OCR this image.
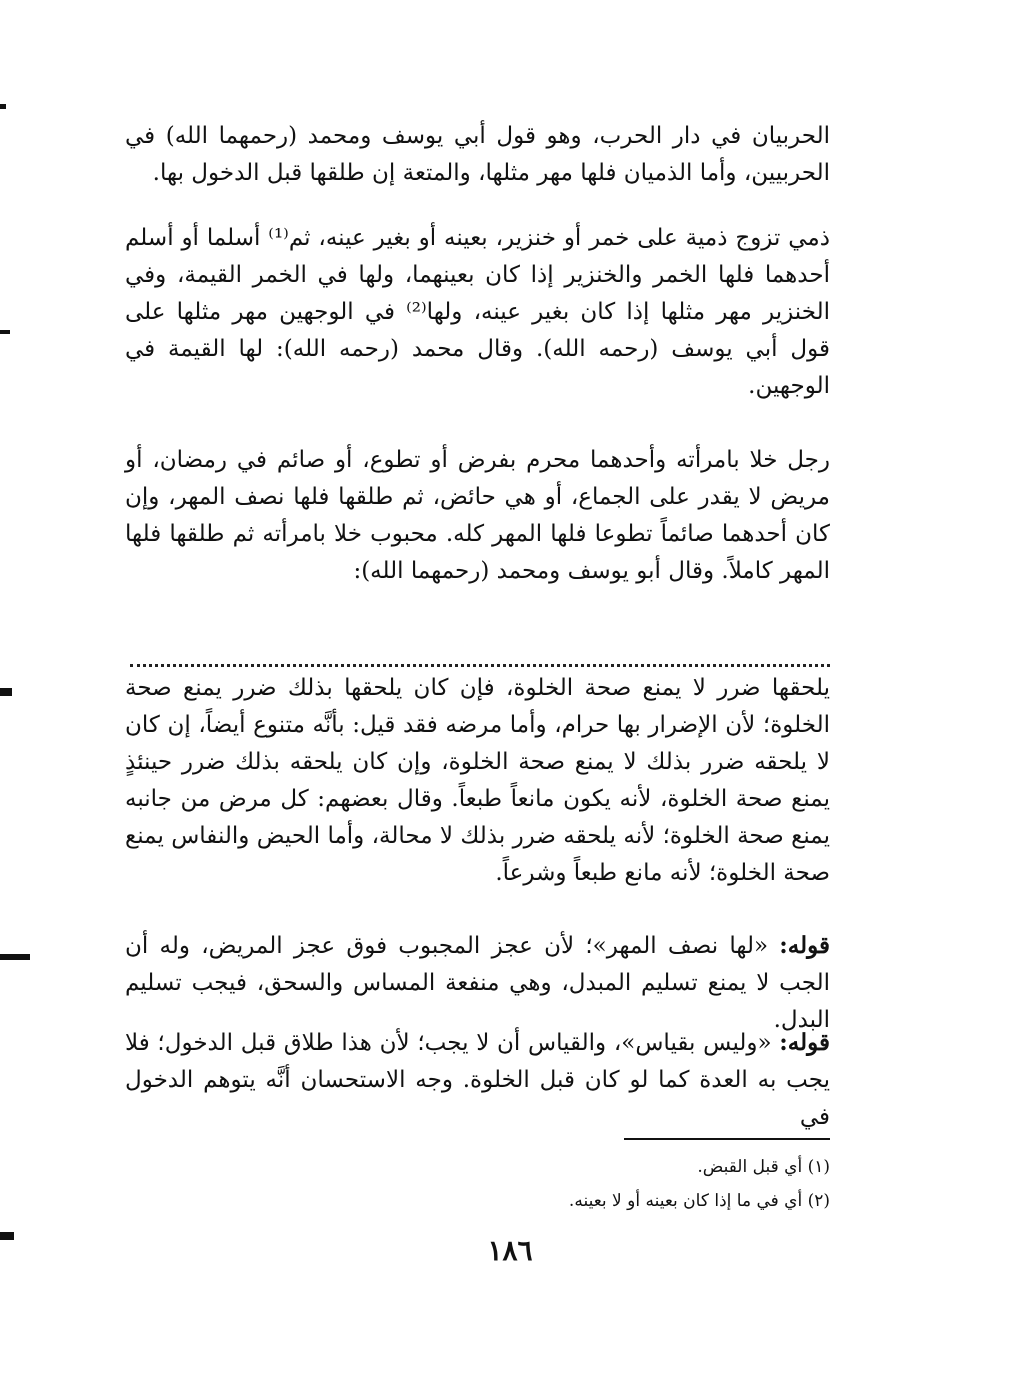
الحربيان في دار الحرب، وهو قول أبي يوسف ومحمد (رحمهما الله) في الحربيين، وأما الذميان فلها مهر مثلها، والمتعة إن طلقها قبل الدخول بها.
ذمي تزوج ذمية على خمر أو خنزير، بعينه أو بغير عينه، ثم⁽¹⁾ أسلما أو أسلم أحدهما فلها الخمر والخنزير إذا كان بعينهما، ولها في الخمر القيمة، وفي الخنزير مهر مثلها إذا كان بغير عينه، ولها⁽²⁾ في الوجهين مهر مثلها على قول أبي يوسف (رحمه الله). وقال محمد (رحمه الله): لها القيمة في الوجهين.
رجل خلا بامرأته وأحدهما محرم بفرض أو تطوع، أو صائم في رمضان، أو مريض لا يقدر على الجماع، أو هي حائض، ثم طلقها فلها نصف المهر، وإن كان أحدهما صائماً تطوعا فلها المهر كله. محبوب خلا بامرأته ثم طلقها فلها المهر كاملاً. وقال أبو يوسف ومحمد (رحمهما الله):
يلحقها ضرر لا يمنع صحة الخلوة، فإن كان يلحقها بذلك ضرر يمنع صحة الخلوة؛ لأن الإضرار بها حرام، وأما مرضه فقد قيل: بأنَّه متنوع أيضاً، إن كان لا يلحقه ضرر بذلك لا يمنع صحة الخلوة، وإن كان يلحقه بذلك ضرر حينئذٍ يمنع صحة الخلوة، لأنه يكون مانعاً طبعاً. وقال بعضهم: كل مرض من جانبه يمنع صحة الخلوة؛ لأنه يلحقه ضرر بذلك لا محالة، وأما الحيض والنفاس يمنع صحة الخلوة؛ لأنه مانع طبعاً وشرعاً.
قوله: «لها نصف المهر»؛ لأن عجز المجبوب فوق عجز المريض، وله أن الجب لا يمنع تسليم المبدل، وهي منفعة المساس والسحق، فيجب تسليم البدل.
قوله: «وليس بقياس»، والقياس أن لا يجب؛ لأن هذا طلاق قبل الدخول؛ فلا يجب به العدة كما لو كان قبل الخلوة. وجه الاستحسان أنَّه يتوهم الدخول في
(١) أي قبل القبض.
(٢) أي في ما إذا كان بعينه أو لا بعينه.
١٨٦
